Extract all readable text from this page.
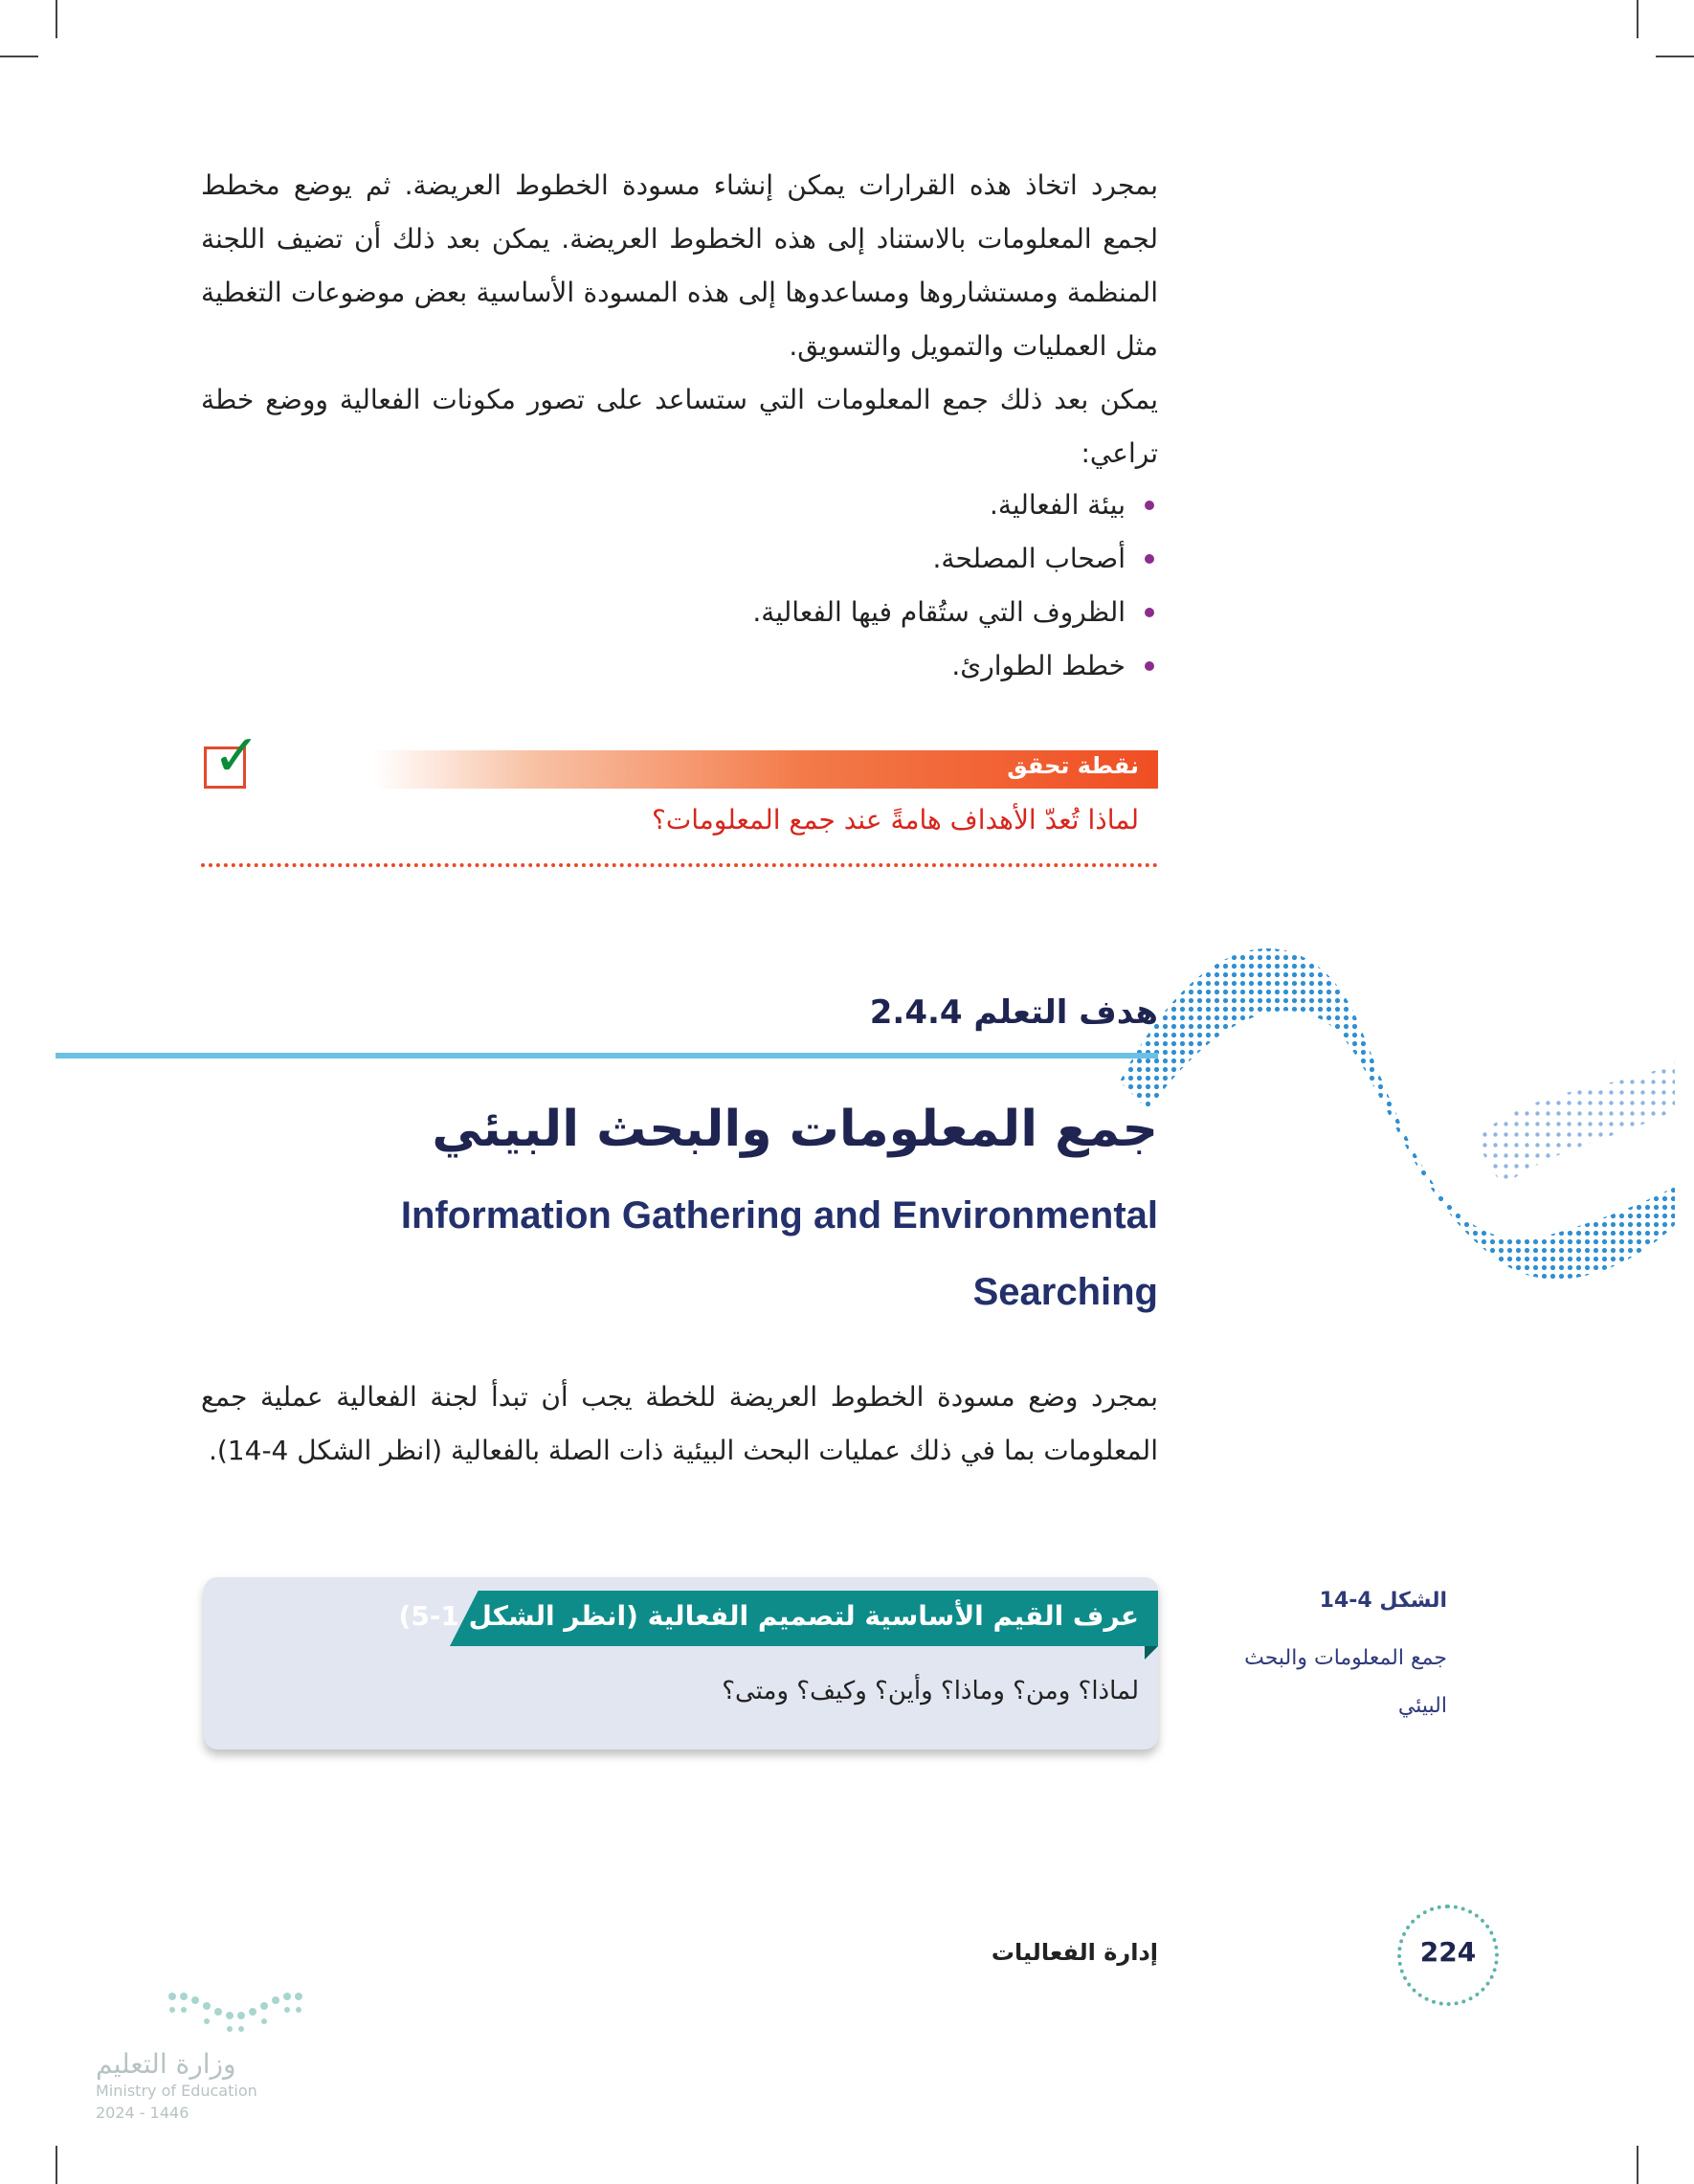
بمجرد اتخاذ هذه القرارات يمكن إنشاء مسودة الخطوط العريضة. ثم يوضع مخطط لجمع المعلومات بالاستناد إلى هذه الخطوط العريضة. يمكن بعد ذلك أن تضيف اللجنة المنظمة ومستشاروها ومساعدوها إلى هذه المسودة الأساسية بعض موضوعات التغطية مثل العمليات والتمويل والتسويق.

يمكن بعد ذلك جمع المعلومات التي ستساعد على تصور مكونات الفعالية ووضع خطة تراعي:

بيئة الفعالية.
أصحاب المصلحة.
الظروف التي ستُقام فيها الفعالية.
خطط الطوارئ.
نقطة تحقق
لماذا تُعدّ الأهداف هامةً عند جمع المعلومات؟
✓
هدف التعلم 2.4.4
جمع المعلومات والبحث البيئي
Information Gathering and Environmental
Searching

بمجرد وضع مسودة الخطوط العريضة للخطة يجب أن تبدأ لجنة الفعالية عملية جمع المعلومات بما في ذلك عمليات البحث البيئية ذات الصلة بالفعالية (انظر الشكل 4-14).

عرف القيم الأساسية لتصميم الفعالية (انظر الشكل 1-5)
لماذا؟ ومن؟ وماذا؟ وأين؟ وكيف؟ ومتى؟
الشكل 4-14
جمع المعلومات والبحث البيئي
إدارة الفعاليات	224
وزارة التعليم
Ministry of Education
2024 - 1446
